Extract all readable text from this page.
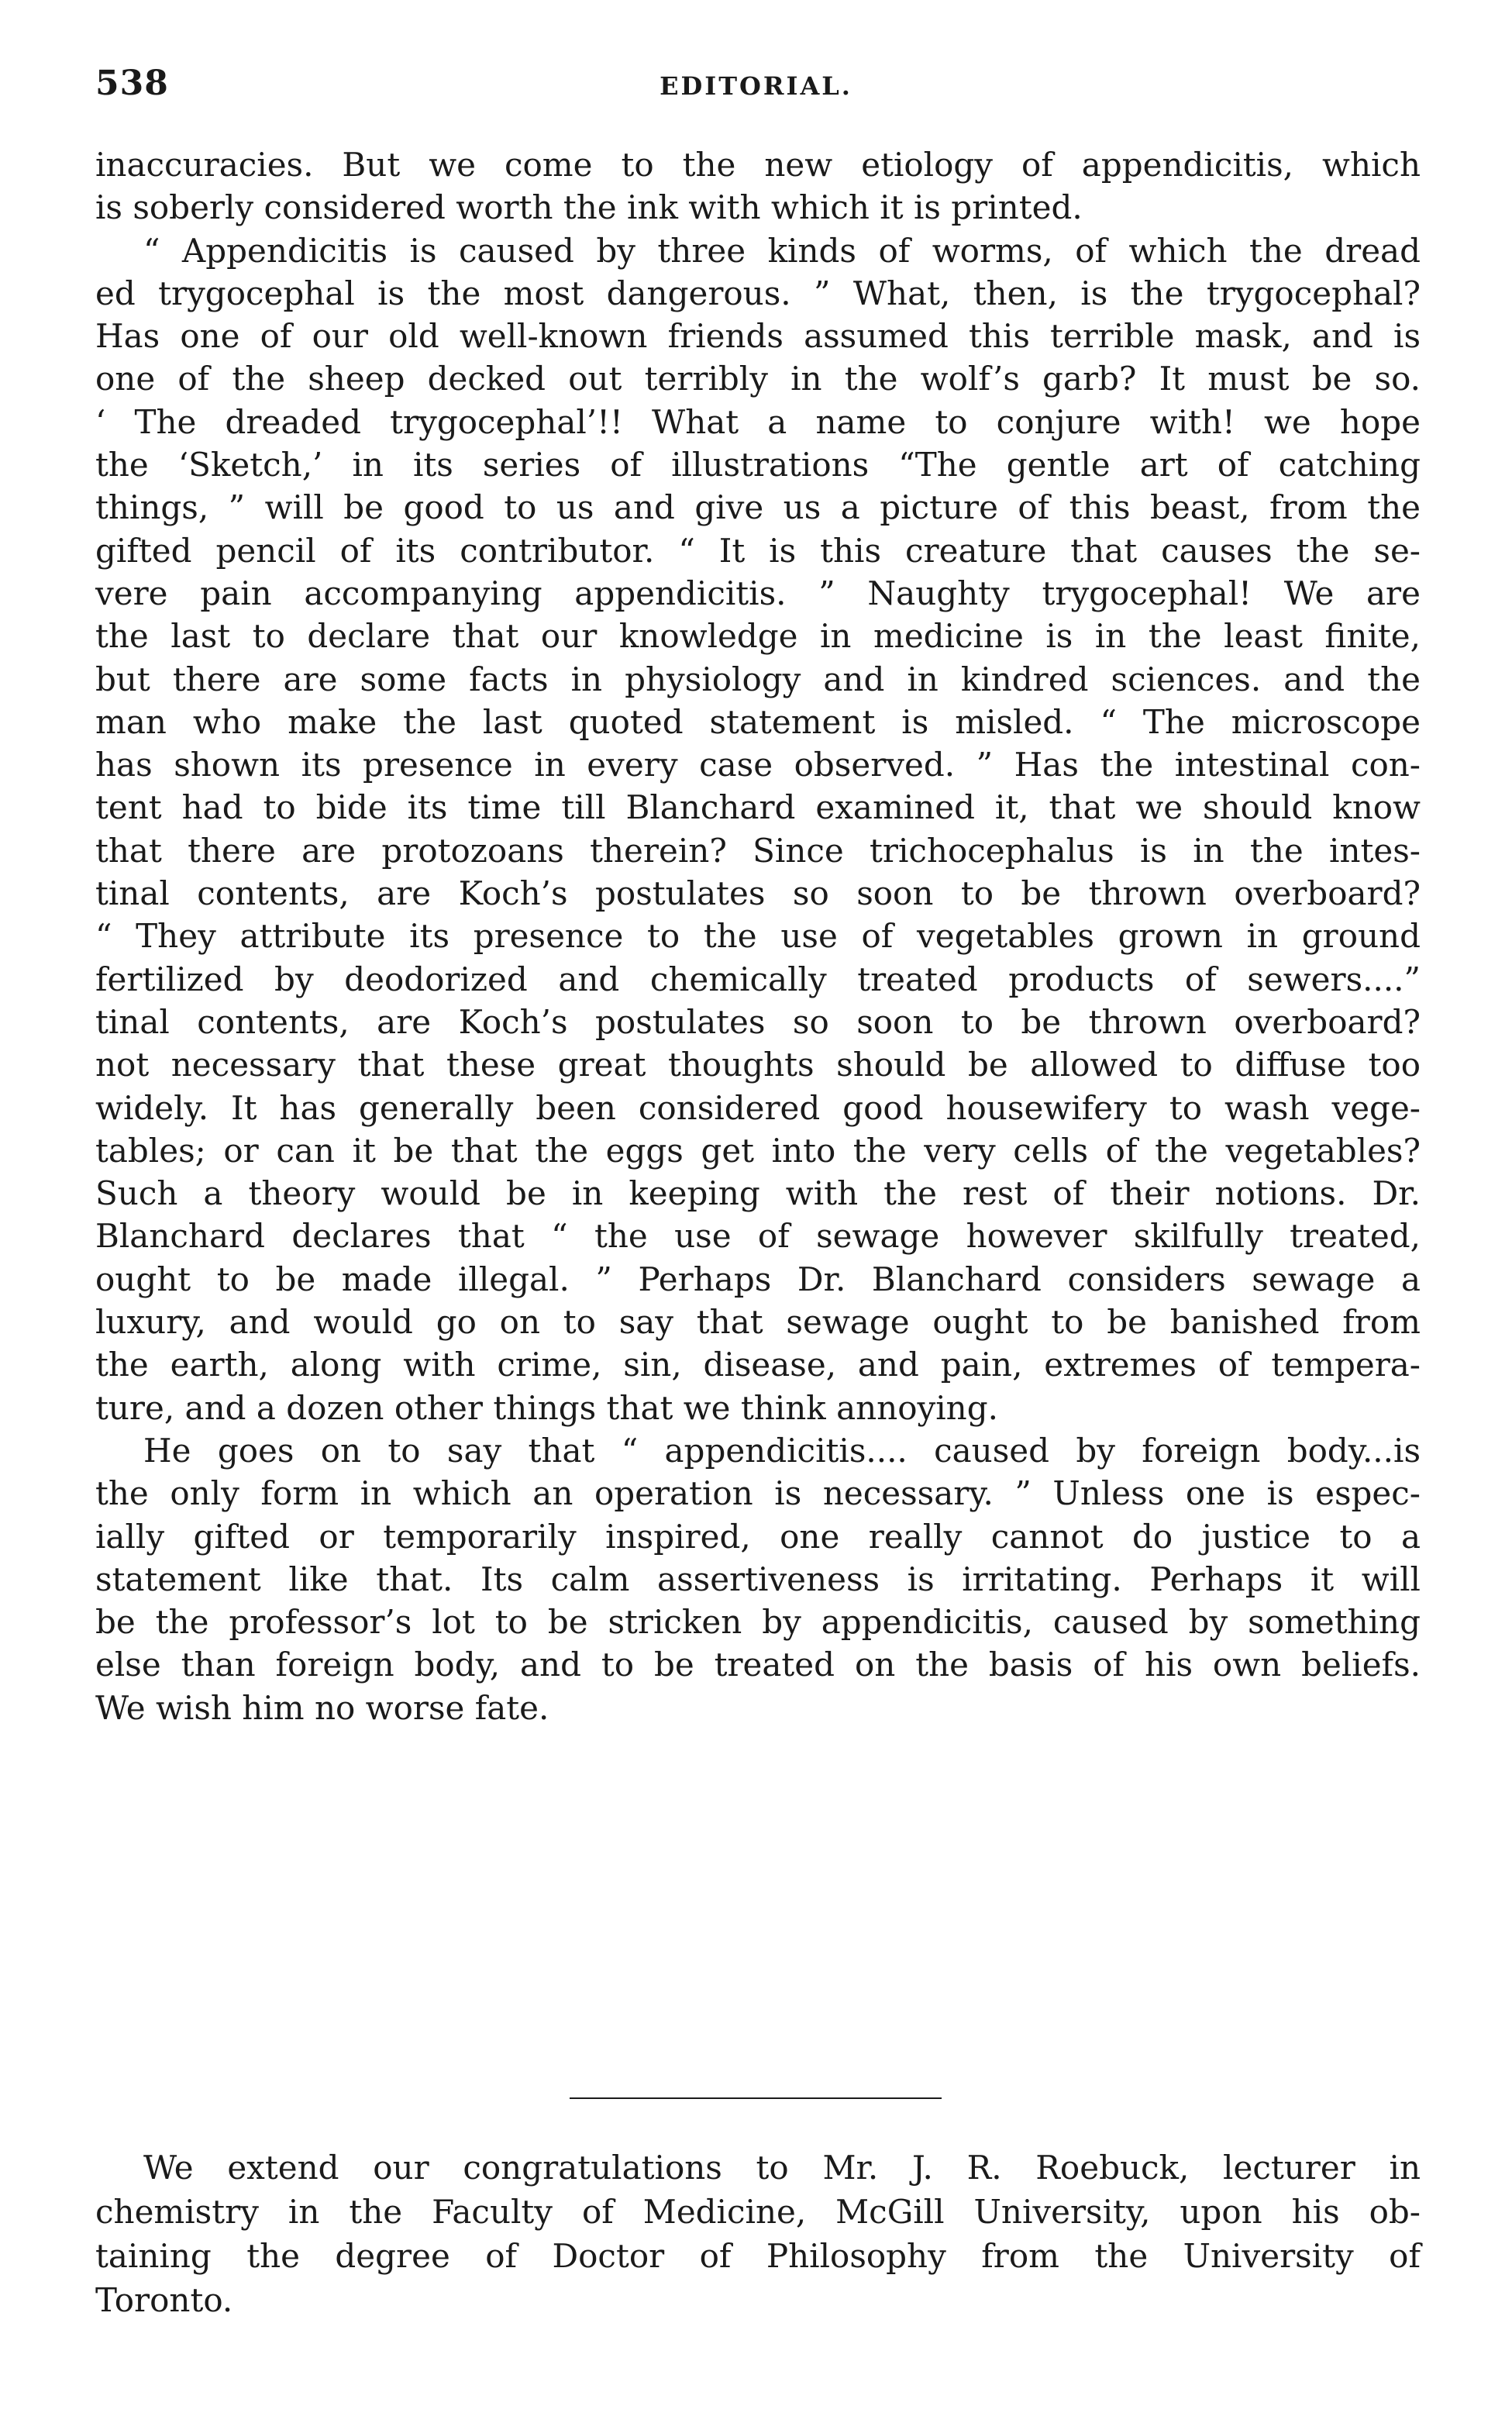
538	EDITORIAL.
inaccuracies. But we come to the new etiology of appendicitis, which
is soberly considered worth the ink with which it is printed.
“ Appendicitis is caused by three kinds of worms, of which the dread
ed trygocephal is the most dangerous. ” What, then, is the trygocephal?
Has one of our old well-known friends assumed this terrible mask, and is
one of the sheep decked out terribly in the wolf’s garb? It must be so.
‘ The dreaded trygocephal’!! What a name to conjure with! we hope
the ‘Sketch,’ in its series of illustrations “The gentle art of catching
things, ” will be good to us and give us a picture of this beast, from the
gifted pencil of its contributor. “ It is this creature that causes the se-
vere pain accompanying appendicitis. ” Naughty trygocephal! We are
the last to declare that our knowledge in medicine is in the least finite,
but there are some facts in physiology and in kindred sciences. and the
man who make the last quoted statement is misled. “ The microscope
has shown its presence in every case observed. ” Has the intestinal con-
tent had to bide its time till Blanchard examined it, that we should know
that there are protozoans therein? Since trichocephalus is in the intes-
tinal contents, are Koch’s postulates so soon to be thrown overboard?
“ They attribute its presence to the use of vegetables grown in ground
fertilized by deodorized and chemically treated products of sewers....”
tinal contents, are Koch’s postulates so soon to be thrown overboard?
not necessary that these great thoughts should be allowed to diffuse too
widely. It has generally been considered good housewifery to wash vege-
tables; or can it be that the eggs get into the very cells of the vegetables?
Such a theory would be in keeping with the rest of their notions. Dr.
Blanchard declares that “ the use of sewage however skilfully treated,
ought to be made illegal. ” Perhaps Dr. Blanchard considers sewage a
luxury, and would go on to say that sewage ought to be banished from
the earth, along with crime, sin, disease, and pain, extremes of tempera-
ture, and a dozen other things that we think annoying.
He goes on to say that “ appendicitis.... caused by foreign body...is
the only form in which an operation is necessary. ” Unless one is espec-
ially gifted or temporarily inspired, one really cannot do justice to a
statement like that. Its calm assertiveness is irritating. Perhaps it will
be the professor’s lot to be stricken by appendicitis, caused by something
else than foreign body, and to be treated on the basis of his own beliefs.
We wish him no worse fate.
We extend our congratulations to Mr. J. R. Roebuck, lecturer in
chemistry in the Faculty of Medicine, McGill University, upon his ob-
taining the degree of Doctor of Philosophy from the University of
Toronto.
